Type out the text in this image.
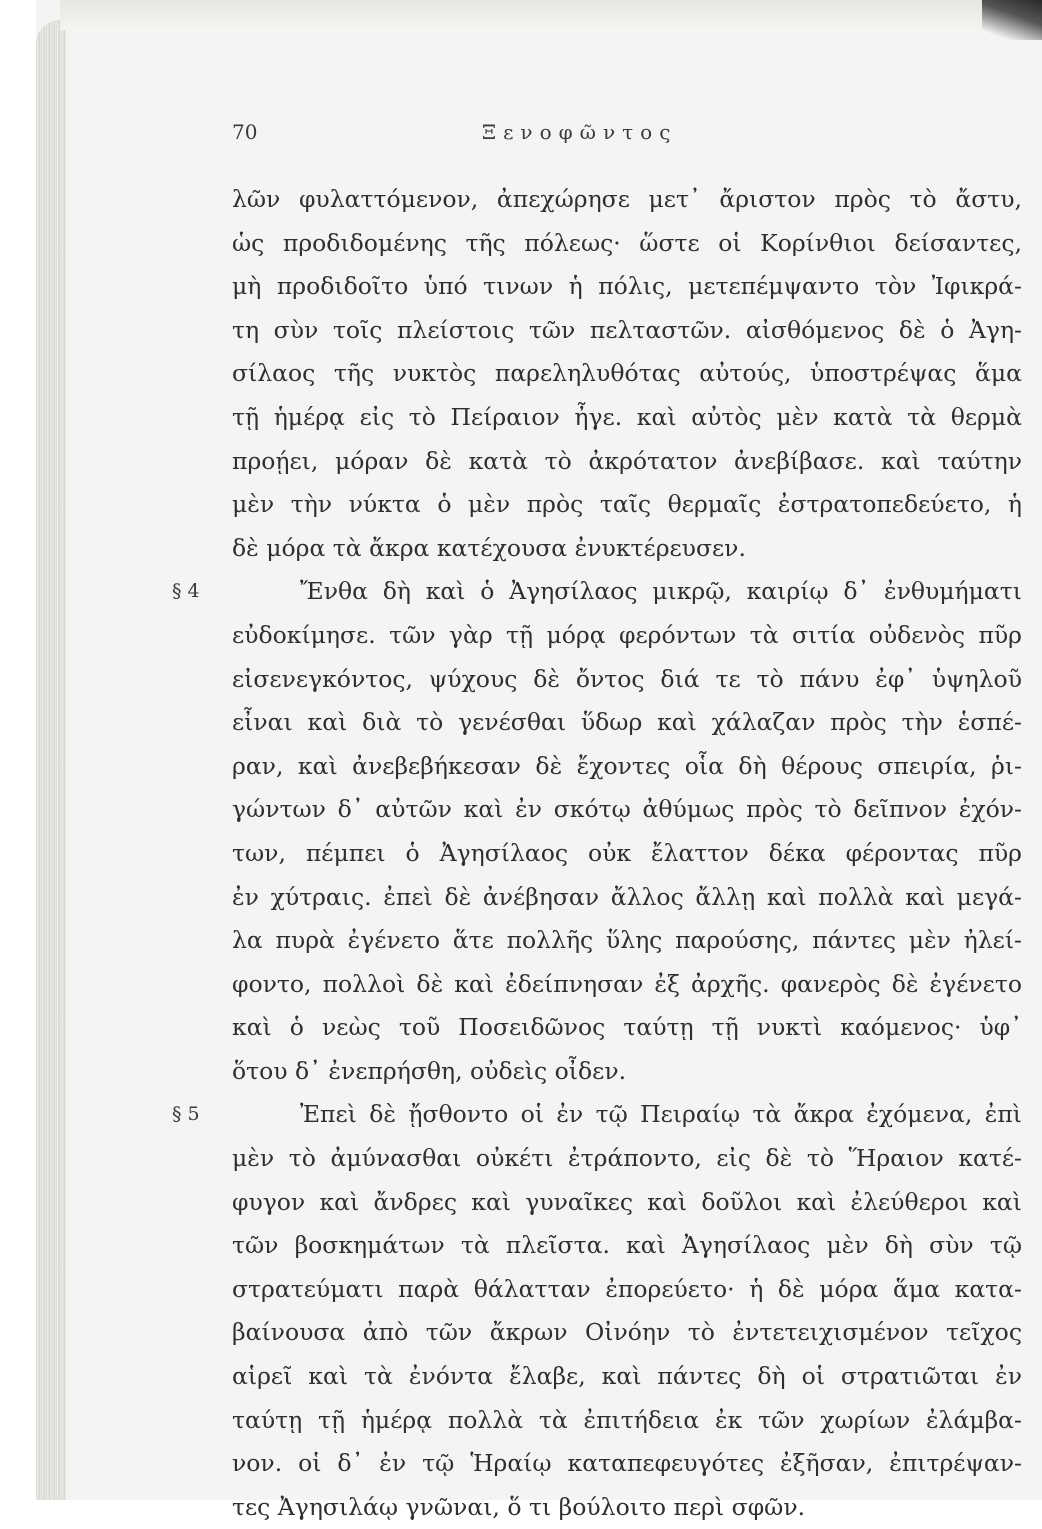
70	Ξενοφῶντος
λῶν φυλαττόμενον, ἀπεχώρησε μετ᾽ ἄριστον πρὸς τὸ ἄστυ,
ὡς προδιδομένης τῆς πόλεως· ὥστε οἱ Κορίνθιοι δείσαντες,
μὴ προδιδοῖτο ὑπό τινων ἡ πόλις, μετεπέμψαντο τὸν Ἰφικρά-
τη σὺν τοῖς πλείστοις τῶν πελταστῶν. αἰσθόμενος δὲ ὁ Ἀγη-
σίλαος τῆς νυκτὸς παρεληλυθότας αὐτούς, ὑποστρέψας ἅμα
τῇ ἡμέρᾳ εἰς τὸ Πείραιον ἦγε. καὶ αὐτὸς μὲν κατὰ τὰ θερμὰ
προῄει, μόραν δὲ κατὰ τὸ ἀκρότατον ἀνεβίβασε. καὶ ταύτην
μὲν τὴν νύκτα ὁ μὲν πρὸς ταῖς θερμαῖς ἐστρατοπεδεύετο, ἡ
δὲ μόρα τὰ ἄκρα κατέχουσα ἐνυκτέρευσεν.
§ 4	Ἔνθα δὴ καὶ ὁ Ἀγησίλαος μικρῷ, καιρίῳ δ᾽ ἐνθυμήματι
εὐδοκίμησε. τῶν γὰρ τῇ μόρᾳ φερόντων τὰ σιτία οὐδενὸς πῦρ
εἰσενεγκόντος, ψύχους δὲ ὄντος διά τε τὸ πάνυ ἐφ᾽ ὑψηλοῦ
εἶναι καὶ διὰ τὸ γενέσθαι ὕδωρ καὶ χάλαζαν πρὸς τὴν ἑσπέ-
ραν, καὶ ἀνεβεβήκεσαν δὲ ἔχοντες οἷα δὴ θέρους σπειρία, ῥι-
γώντων δ᾽ αὐτῶν καὶ ἐν σκότῳ ἀθύμως πρὸς τὸ δεῖπνον ἐχόν-
των, πέμπει ὁ Ἀγησίλαος οὐκ ἔλαττον δέκα φέροντας πῦρ
ἐν χύτραις. ἐπεὶ δὲ ἀνέβησαν ἄλλος ἄλλῃ καὶ πολλὰ καὶ μεγά-
λα πυρὰ ἐγένετο ἅτε πολλῆς ὕλης παρούσης, πάντες μὲν ἠλεί-
φοντο, πολλοὶ δὲ καὶ ἐδείπνησαν ἐξ ἀρχῆς. φανερὸς δὲ ἐγένετο
καὶ ὁ νεὼς τοῦ Ποσειδῶνος ταύτῃ τῇ νυκτὶ καόμενος· ὑφ᾽
ὅτου δ᾽ ἐνεπρήσθη, οὐδεὶς οἶδεν.
§ 5	Ἐπεὶ δὲ ᾔσθοντο οἱ ἐν τῷ Πειραίῳ τὰ ἄκρα ἐχόμενα, ἐπὶ
μὲν τὸ ἀμύνασθαι οὐκέτι ἐτράποντο, εἰς δὲ τὸ Ἥραιον κατέ-
φυγον καὶ ἄνδρες καὶ γυναῖκες καὶ δοῦλοι καὶ ἐλεύθεροι καὶ
τῶν βοσκημάτων τὰ πλεῖστα. καὶ Ἀγησίλαος μὲν δὴ σὺν τῷ
στρατεύματι παρὰ θάλατταν ἐπορεύετο· ἡ δὲ μόρα ἅμα κατα-
βαίνουσα ἀπὸ τῶν ἄκρων Οἰνόην τὸ ἐντετειχισμένον τεῖχος
αἱρεῖ καὶ τὰ ἐνόντα ἔλαβε, καὶ πάντες δὴ οἱ στρατιῶται ἐν
ταύτῃ τῇ ἡμέρᾳ πολλὰ τὰ ἐπιτήδεια ἐκ τῶν χωρίων ἐλάμβα-
νον. οἱ δ᾽ ἐν τῷ Ἡραίῳ καταπεφευγότες ἐξῆσαν, ἐπιτρέψαν-
τες Ἀγησιλάῳ γνῶναι, ὅ τι βούλοιτο περὶ σφῶν.
